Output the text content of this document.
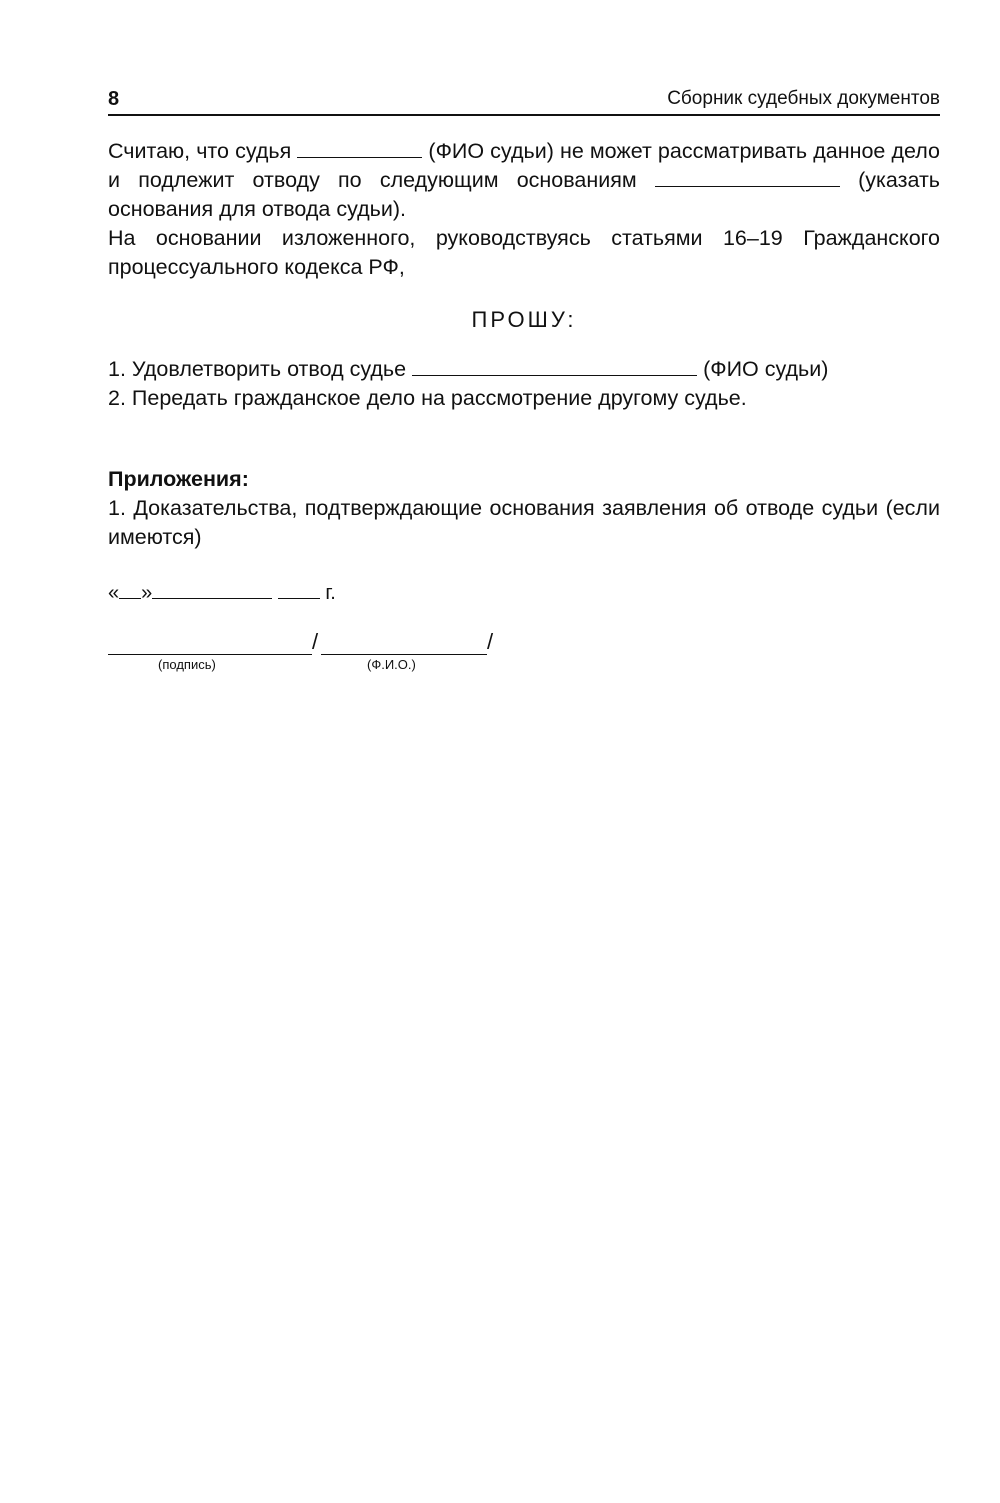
8	Сборник судебных документов
Считаю, что судья	(ФИО судьи) не может рассматривать данное дело и подлежит отводу по следующим основаниям	(указать основания для отвода судьи).
На основании изложенного, руководствуясь статьями 16–19 Гражданского процессуального кодекса РФ,
ПРОШУ:
1. Удовлетворить отвод судье	(ФИО судьи)
2. Передать гражданское дело на рассмотрение другому судье.
Приложения:
1. Доказательства, подтверждающие основания заявления об отводе судьи (если имеются)
« »	г.
/	/
(подпись)	(Ф.И.О.)
